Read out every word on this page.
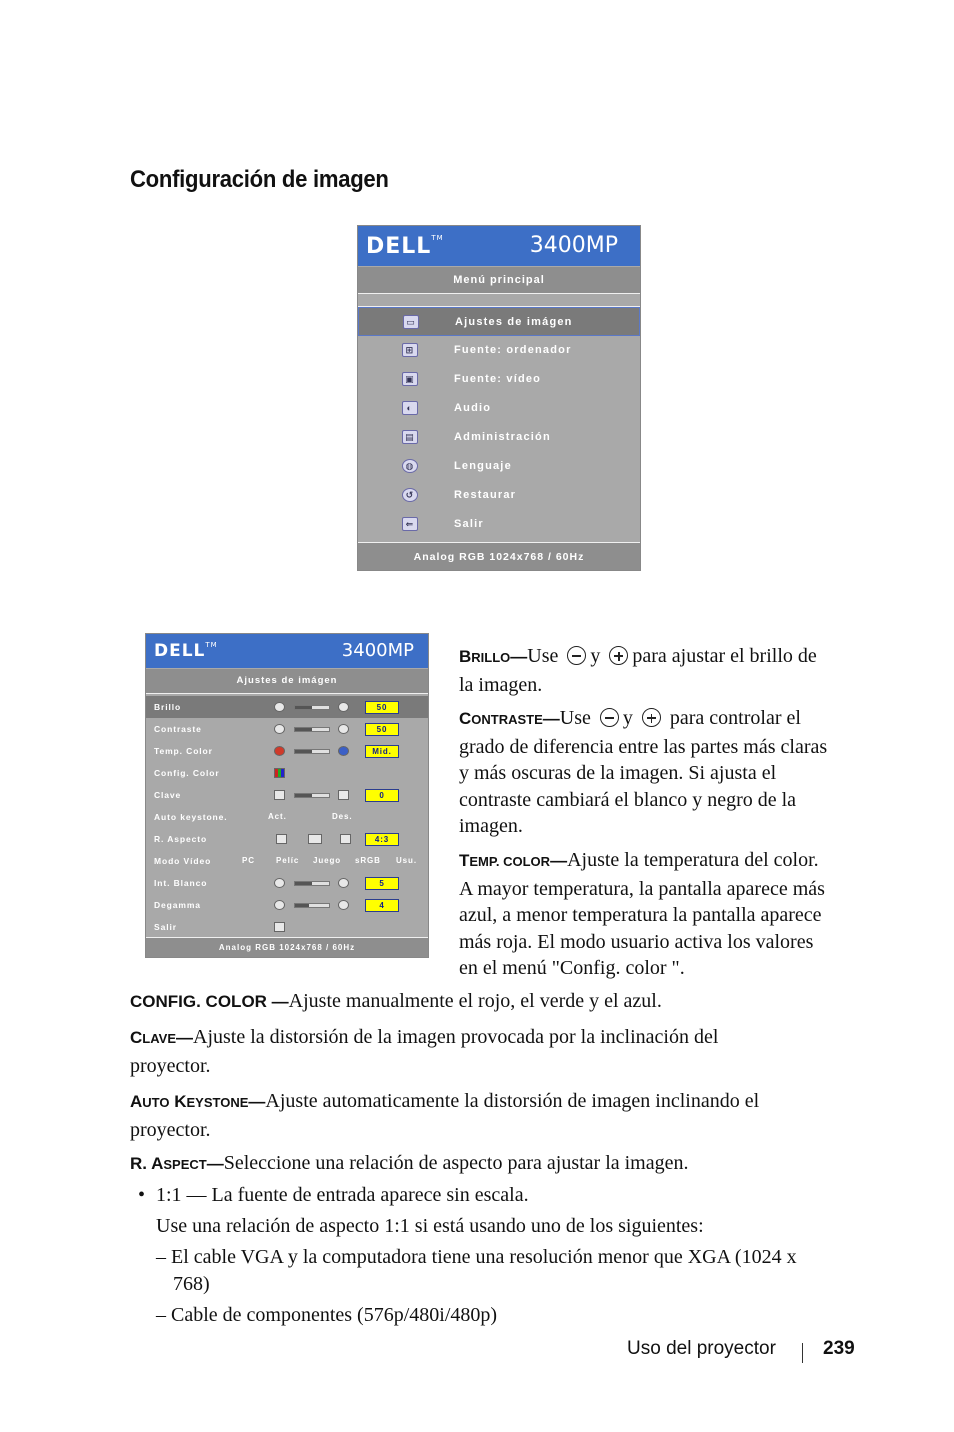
Configuración de imagen
DELL™	3400MP
Menú principal
▭	Ajustes de imágen
⊞	Fuente: ordenador
▣	Fuente: vídeo
◐	Audio
▤	Administración
◍	Lenguaje
↺	Restaurar
⇐	Salir
Analog RGB 1024x768 / 60Hz
DELL™	3400MP
Ajustes de imágen
Brillo	50
Contraste	50
Temp. Color	Mid.
Config. Color
Clave	0
Auto keystone.	Act.	Des.
R. Aspecto	4:3
Modo Vídeo	PC	Pelíc Juego sRGB Usu.
Int. Blanco	5
Degamma	4
Salir
Analog RGB 1024x768 / 60Hz
BRILLO—Use y para ajustar el brillo de
la imagen.
CONTRASTE—Use y para controlar el
grado de diferencia entre las partes más claras
y más oscuras de la imagen. Si ajusta el
contraste cambiará el blanco y negro de la
imagen.
TEMP. COLOR—Ajuste la temperatura del color.
A mayor temperatura, la pantalla aparece más
azul, a menor temperatura la pantalla aparece
más roja. El modo usuario activa los valores
en el menú "Config. color ".
CONFIG. COLOR —Ajuste manualmente el rojo, el verde y el azul.
CLAVE—Ajuste la distorsión de la imagen provocada por la inclinación del
proyector.
AUTO KEYSTONE—Ajuste automaticamente la distorsión de imagen inclinando el
proyector.
R. ASPECT—Seleccione una relación de aspecto para ajustar la imagen.
• 1:1 — La fuente de entrada aparece sin escala.
Use una relación de aspecto 1:1 si está usando uno de los siguientes:
– El cable VGA y la computadora tiene una resolución menor que XGA (1024 x
768)
– Cable de componentes (576p/480i/480p)
Uso del proyector 239
